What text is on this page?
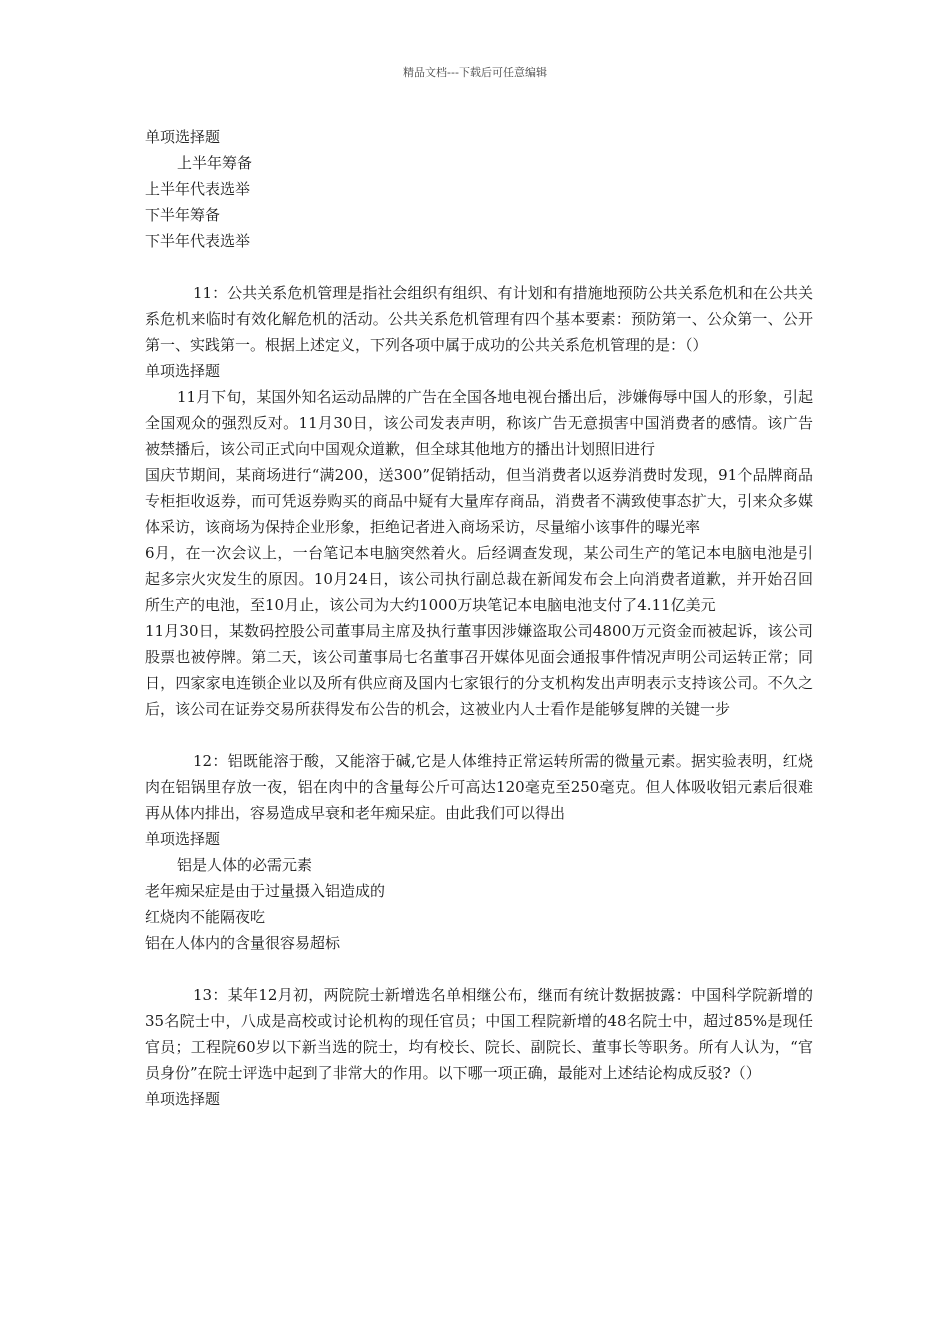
精品文档---下载后可任意编辑

单项选择题

上半年筹备

上半年代表选举

下半年筹备

下半年代表选举

11：公共关系危机管理是指社会组织有组织、有计划和有措施地预防公共关系危机和在公共关系危机来临时有效化解危机的活动。公共关系危机管理有四个基本要素：预防第一、公众第一、公开第一、实践第一。根据上述定义，下列各项中属于成功的公共关系危机管理的是：（）

单项选择题

11月下旬，某国外知名运动品牌的广告在全国各地电视台播出后，涉嫌侮辱中国人的形象，引起全国观众的强烈反对。11月30日，该公司发表声明，称该广告无意损害中国消费者的感情。该广告被禁播后，该公司正式向中国观众道歉，但全球其他地方的播出计划照旧进行

国庆节期间，某商场进行“满200，送300”促销括动，但当消费者以返券消费时发现，91个品牌商品专柜拒收返券，而可凭返券购买的商品中疑有大量库存商品，消费者不满致使事态扩大，引来众多媒体采访，该商场为保持企业形象，拒绝记者进入商场采访，尽量缩小该事件的曝光率

6月，在一次会议上，一台笔记本电脑突然着火。后经调查发现，某公司生产的笔记本电脑电池是引起多宗火灾发生的原因。10月24日，该公司执行副总裁在新闻发布会上向消费者道歉，并开始召回所生产的电池，至10月止，该公司为大约1000万块笔记本电脑电池支付了4.11亿美元

11月30日，某数码控股公司董事局主席及执行董事因涉嫌盗取公司4800万元资金而被起诉，该公司股票也被停牌。第二天，该公司董事局七名董事召开媒体见面会通报事件情况声明公司运转正常；同日，四家家电连锁企业以及所有供应商及国内七家银行的分支机构发出声明表示支持该公司。不久之后，该公司在证券交易所获得发布公告的机会，这被业内人士看作是能够复牌的关键一步

12：铝既能溶于酸，又能溶于碱,它是人体维持正常运转所需的微量元素。据实验表明，红烧肉在铝锅里存放一夜，铝在肉中的含量每公斤可高达120毫克至250毫克。但人体吸收铝元素后很难再从体内排出，容易造成早衰和老年痴呆症。由此我们可以得出

单项选择题

铝是人体的必需元素

老年痴呆症是由于过量摄入铝造成的

红烧肉不能隔夜吃

铝在人体内的含量很容易超标

13：某年12月初，两院院士新增选名单相继公布，继而有统计数据披露：中国科学院新增的35名院士中，八成是高校或讨论机构的现任官员；中国工程院新增的48名院士中，超过85%是现任官员；工程院60岁以下新当选的院士，均有校长、院长、副院长、董事长等职务。所有人认为，“官员身份”在院士评选中起到了非常大的作用。以下哪一项正确，最能对上述结论构成反驳?（）

单项选择题
